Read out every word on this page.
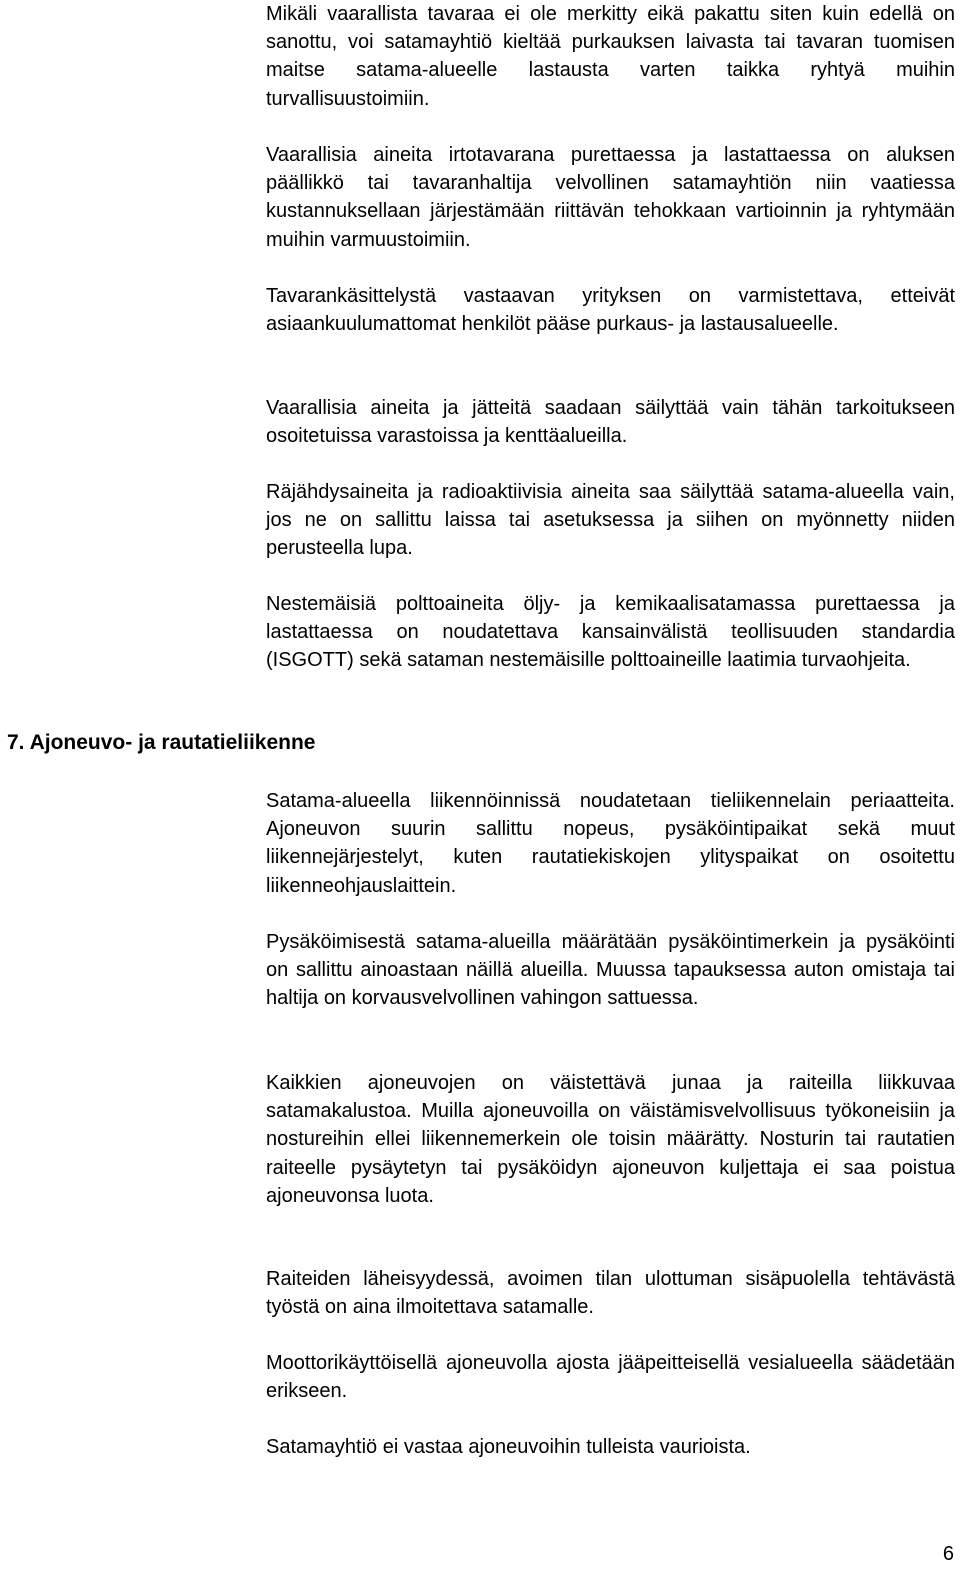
Mikäli vaarallista tavaraa ei ole merkitty eikä pakattu siten kuin edellä on sanottu, voi satamayhtiö kieltää purkauksen laivasta tai tavaran tuomisen maitse satama-alueelle lastausta varten taikka ryhtyä muihin turvallisuustoimiin.

Vaarallisia aineita irtotavarana purettaessa ja lastattaessa on aluksen päällikkö tai tavaranhaltija velvollinen satamayhtiön niin vaatiessa kustannuksellaan järjestämään riittävän tehokkaan vartioinnin ja ryhtymään muihin varmuustoimiin.

Tavarankäsittelystä vastaavan yrityksen on varmistettava, etteivät asiaankuulumattomat henkilöt pääse purkaus- ja lastausalueelle.

Vaarallisia aineita ja jätteitä saadaan säilyttää vain tähän tarkoitukseen osoitetuissa varastoissa ja kenttäalueilla.

Räjähdysaineita ja radioaktiivisia aineita saa säilyttää satama-alueella vain, jos ne on sallittu laissa tai asetuksessa ja siihen on myönnetty niiden perusteella lupa.

Nestemäisiä polttoaineita öljy- ja kemikaalisatamassa purettaessa ja lastattaessa on noudatettava kansainvälistä teollisuuden standardia (ISGOTT) sekä sataman nestemäisille polttoaineille laatimia turvaohjeita.

7. Ajoneuvo- ja rautatieliikenne

Satama-alueella liikennöinnissä noudatetaan tieliikennelain periaatteita. Ajoneuvon suurin sallittu nopeus, pysäköintipaikat sekä muut liikennejärjestelyt, kuten rautatiekiskojen ylityspaikat on osoitettu liikenneohjauslaittein.

Pysäköimisestä satama-alueilla määrätään pysäköintimerkein ja pysäköinti on sallittu ainoastaan näillä alueilla. Muussa tapauksessa auton omistaja tai haltija on korvausvelvollinen vahingon sattuessa.

Kaikkien ajoneuvojen on väistettävä junaa ja raiteilla liikkuvaa satamakalustoa. Muilla ajoneuvoilla on väistämisvelvollisuus työkoneisiin ja nostureihin ellei liikennemerkein ole toisin määrätty. Nosturin tai rautatien raiteelle pysäytetyn tai pysäköidyn ajoneuvon kuljettaja ei saa poistua ajoneuvonsa luota.

Raiteiden läheisyydessä, avoimen tilan ulottuman sisäpuolella tehtävästä työstä on aina ilmoitettava satamalle.

Moottorikäyttöisellä ajoneuvolla ajosta jääpeitteisellä vesialueella säädetään erikseen.

Satamayhtiö ei vastaa ajoneuvoihin tulleista vaurioista.

6
